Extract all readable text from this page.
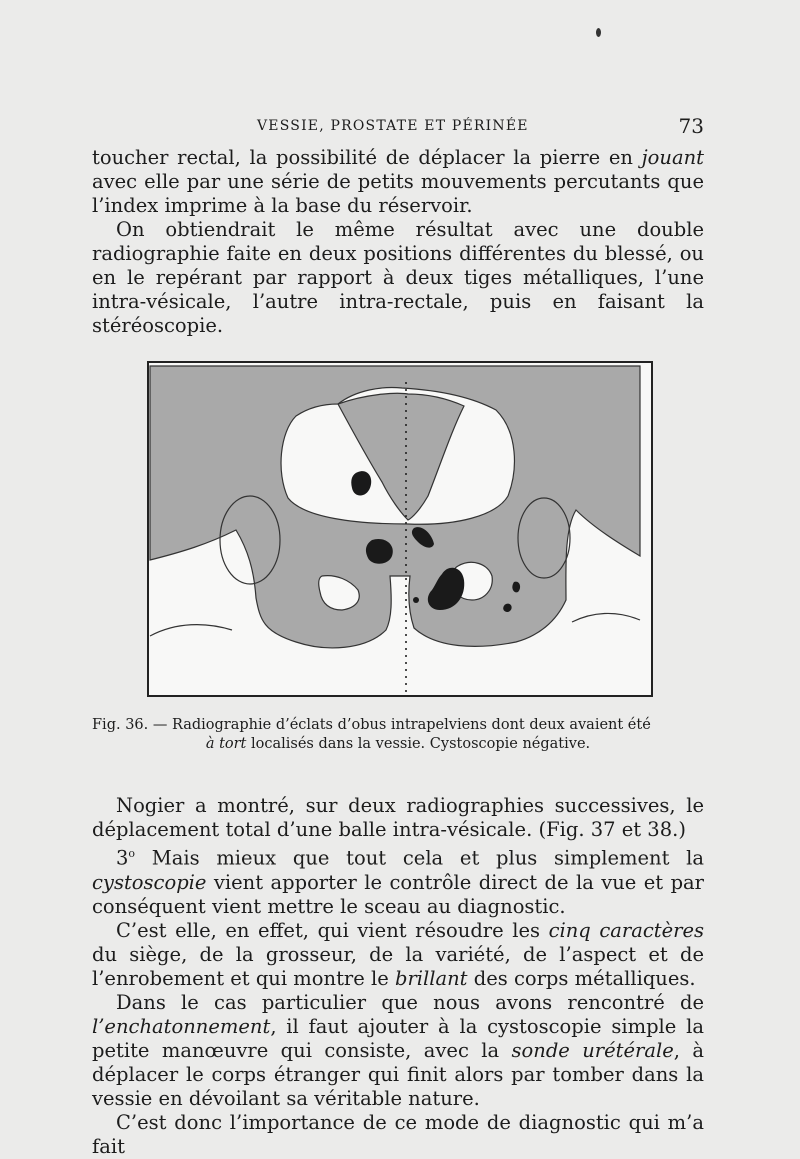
VESSIE, PROSTATE ET PÉRINÉE	73

toucher rectal, la possibilité de déplacer la pierre en jouant avec elle par une série de petits mouvements percutants que l’index imprime à la base du réservoir.

On obtiendrait le même résultat avec une double radiographie faite en deux positions différentes du blessé, ou en le repérant par rapport à deux tiges métalliques, l’une intra-vésicale, l’autre intra-rectale, puis en faisant la stéréoscopie.

Fig. 36. — Radiographie d’éclats d’obus intrapelviens dont deux avaient été
à tort localisés dans la vessie. Cystoscopie négative.

Nogier a montré, sur deux radiographies successives, le déplacement total d’une balle intra-vésicale. (Fig. 37 et 38.)

3$^o$ Mais mieux que tout cela et plus simplement la cystoscopie vient apporter le contrôle direct de la vue et par conséquent vient mettre le sceau au diagnostic.

C’est elle, en effet, qui vient résoudre les cinq caractères du siège, de la grosseur, de la variété, de l’aspect et de l’enrobement et qui montre le brillant des corps métalliques.

Dans le cas particulier que nous avons rencontré de l’enchatonnement, il faut ajouter à la cystoscopie simple la petite manœuvre qui consiste, avec la sonde urétérale, à déplacer le corps étranger qui finit alors par tomber dans la vessie en dévoilant sa véritable nature.

C’est donc l’importance de ce mode de diagnostic qui m’a fait
